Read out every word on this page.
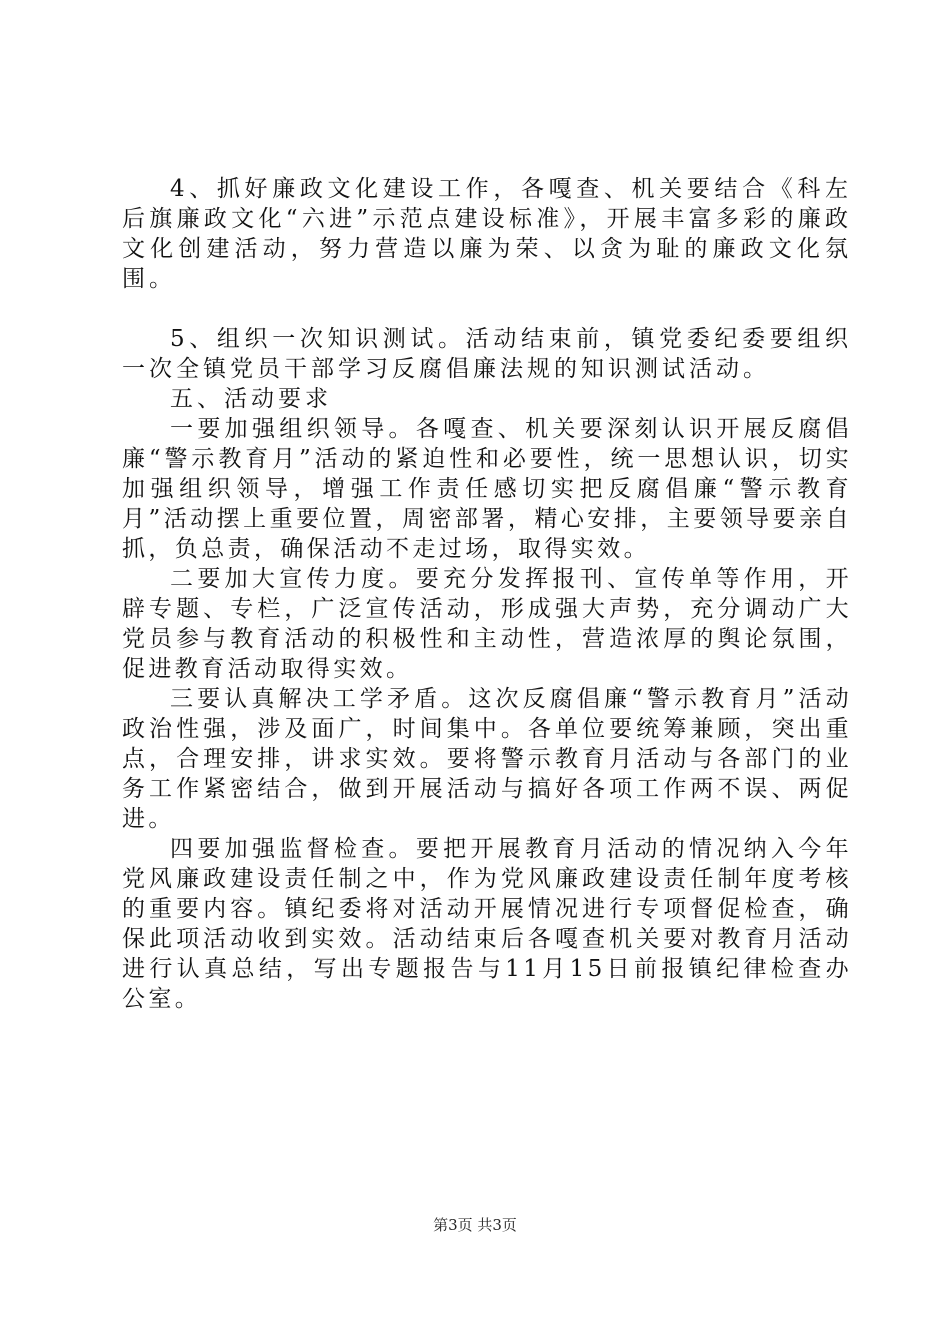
4、抓好廉政文化建设工作，各嘎查、机关要结合《科左后旗廉政文化“六进”示范点建设标准》，开展丰富多彩的廉政文化创建活动，努力营造以廉为荣、以贪为耻的廉政文化氛围。

5、组织一次知识测试。活动结束前，镇党委纪委要组织一次全镇党员干部学习反腐倡廉法规的知识测试活动。

五、活动要求

一要加强组织领导。各嘎查、机关要深刻认识开展反腐倡廉“警示教育月”活动的紧迫性和必要性，统一思想认识，切实加强组织领导，增强工作责任感切实把反腐倡廉“警示教育月”活动摆上重要位置，周密部署，精心安排，主要领导要亲自抓，负总责，确保活动不走过场，取得实效。

二要加大宣传力度。要充分发挥报刊、宣传单等作用，开辟专题、专栏，广泛宣传活动，形成强大声势，充分调动广大党员参与教育活动的积极性和主动性，营造浓厚的舆论氛围，促进教育活动取得实效。

三要认真解决工学矛盾。这次反腐倡廉“警示教育月”活动政治性强，涉及面广，时间集中。各单位要统筹兼顾，突出重点，合理安排，讲求实效。要将警示教育月活动与各部门的业务工作紧密结合，做到开展活动与搞好各项工作两不误、两促进。

四要加强监督检查。要把开展教育月活动的情况纳入今年党风廉政建设责任制之中，作为党风廉政建设责任制年度考核的重要内容。镇纪委将对活动开展情况进行专项督促检查，确保此项活动收到实效。活动结束后各嘎查机关要对教育月活动进行认真总结，写出专题报告与11月15日前报镇纪律检查办公室。

第3页 共3页
